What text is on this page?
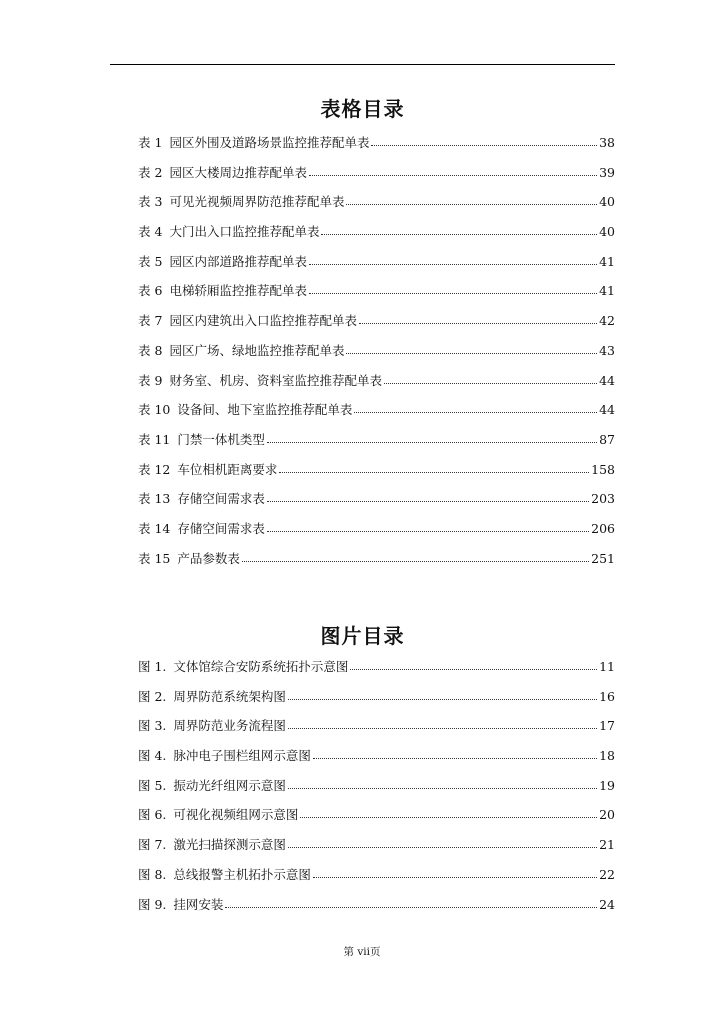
表格目录
表 1 园区外围及道路场景监控推荐配单表	38
表 2 园区大楼周边推荐配单表	39
表 3 可见光视频周界防范推荐配单表	40
表 4 大门出入口监控推荐配单表	40
表 5 园区内部道路推荐配单表	41
表 6 电梯轿厢监控推荐配单表	41
表 7 园区内建筑出入口监控推荐配单表	42
表 8 园区广场、绿地监控推荐配单表	43
表 9 财务室、机房、资料室监控推荐配单表	44
表 10 设备间、地下室监控推荐配单表	44
表 11 门禁一体机类型	87
表 12 车位相机距离要求	158
表 13 存储空间需求表	203
表 14 存储空间需求表	206
表 15 产品参数表	251
图片目录
图 1. 文体馆综合安防系统拓扑示意图	11
图 2. 周界防范系统架构图	16
图 3. 周界防范业务流程图	17
图 4. 脉冲电子围栏组网示意图	18
图 5. 振动光纤组网示意图	19
图 6. 可视化视频组网示意图	20
图 7. 激光扫描探测示意图	21
图 8. 总线报警主机拓扑示意图	22
图 9. 挂网安装	24
第 vii页
